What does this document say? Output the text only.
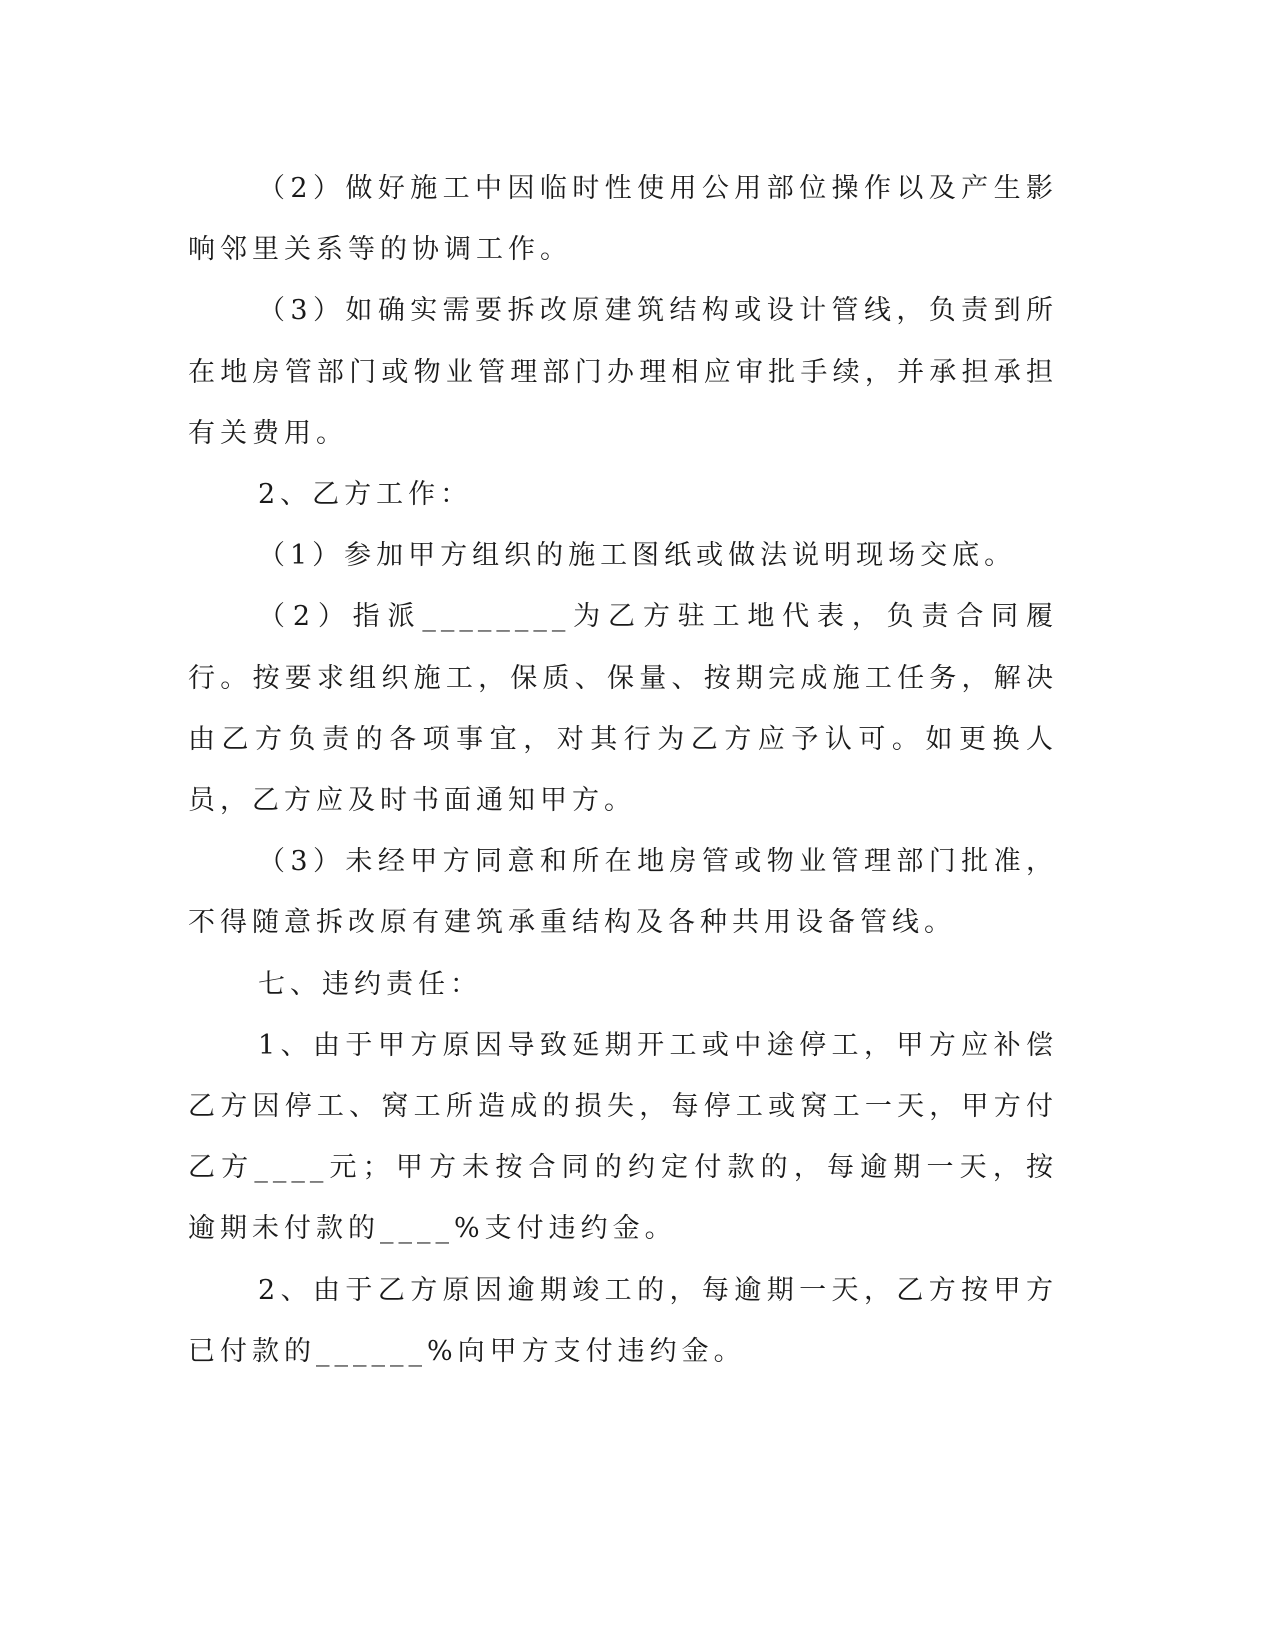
（2）做好施工中因临时性使用公用部位操作以及产生影响邻里关系等的协调工作。

（3）如确实需要拆改原建筑结构或设计管线，负责到所在地房管部门或物业管理部门办理相应审批手续，并承担承担有关费用。

2、乙方工作：

（1）参加甲方组织的施工图纸或做法说明现场交底。

（2）指派________为乙方驻工地代表，负责合同履行。按要求组织施工，保质、保量、按期完成施工任务，解决由乙方负责的各项事宜，对其行为乙方应予认可。如更换人员，乙方应及时书面通知甲方。

（3）未经甲方同意和所在地房管或物业管理部门批准，不得随意拆改原有建筑承重结构及各种共用设备管线。

七、违约责任：

1、由于甲方原因导致延期开工或中途停工，甲方应补偿乙方因停工、窝工所造成的损失，每停工或窝工一天，甲方付乙方____元；甲方未按合同的约定付款的，每逾期一天，按逾期未付款的____%支付违约金。

2、由于乙方原因逾期竣工的，每逾期一天，乙方按甲方已付款的______%向甲方支付违约金。
